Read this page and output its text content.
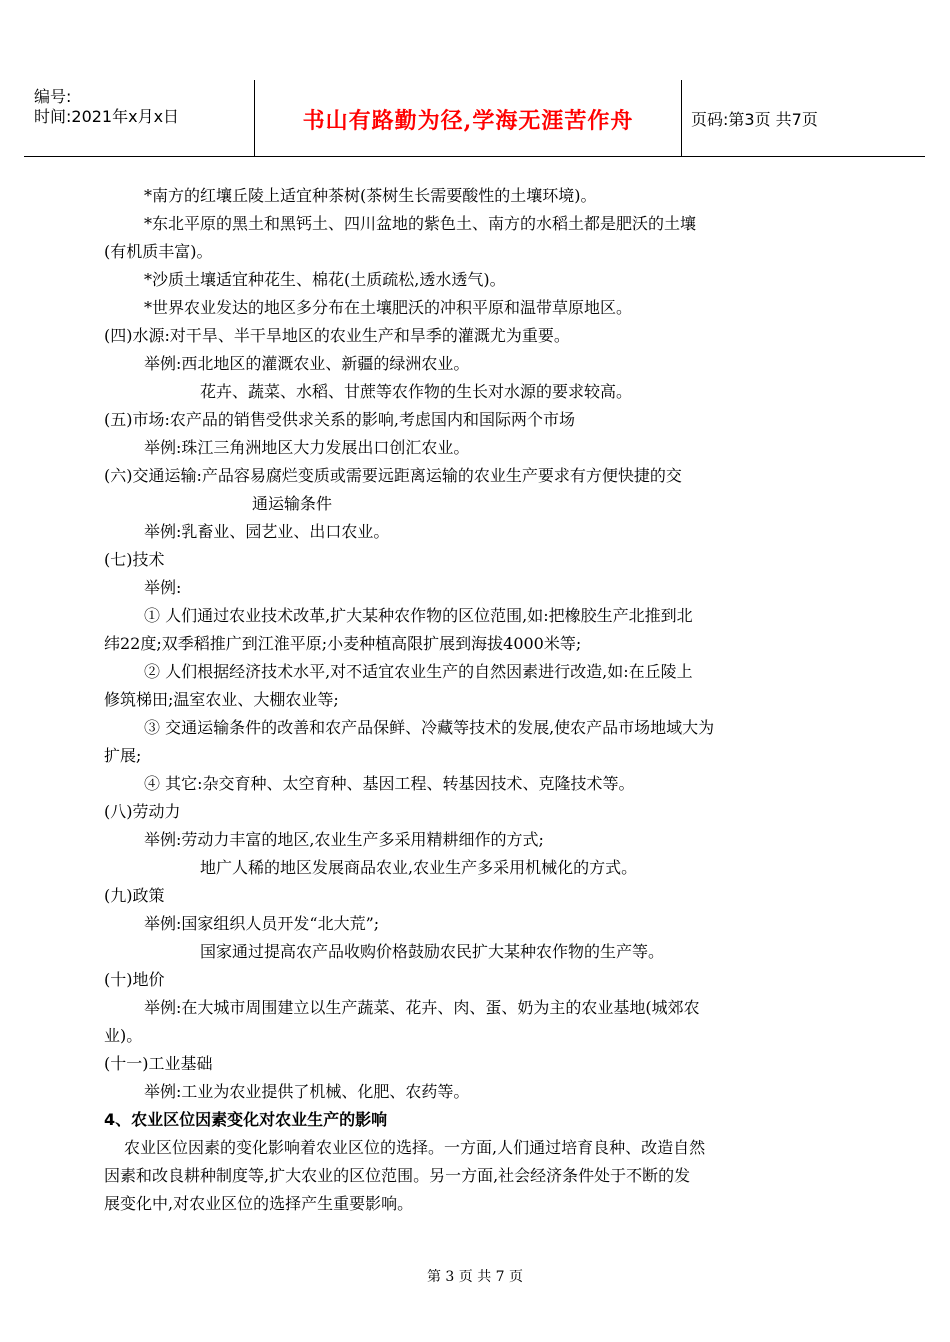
编号:
时间:2021年x月x日	书山有路勤为径,学海无涯苦作舟	页码:第3页 共7页
*南方的红壤丘陵上适宜种茶树(茶树生长需要酸性的土壤环境)。
*东北平原的黑土和黑钙土、四川盆地的紫色土、南方的水稻土都是肥沃的土壤
(有机质丰富)。
*沙质土壤适宜种花生、棉花(土质疏松,透水透气)。
*世界农业发达的地区多分布在土壤肥沃的冲积平原和温带草原地区。
(四)水源:对干旱、半干旱地区的农业生产和旱季的灌溉尤为重要。
举例:西北地区的灌溉农业、新疆的绿洲农业。
花卉、蔬菜、水稻、甘蔗等农作物的生长对水源的要求较高。
(五)市场:农产品的销售受供求关系的影响,考虑国内和国际两个市场
举例:珠江三角洲地区大力发展出口创汇农业。
(六)交通运输:产品容易腐烂变质或需要远距离运输的农业生产要求有方便快捷的交
通运输条件
举例:乳畜业、园艺业、出口农业。
(七)技术
举例:
① 人们通过农业技术改革,扩大某种农作物的区位范围,如:把橡胶生产北推到北
纬22度;双季稻推广到江淮平原;小麦种植高限扩展到海拔4000米等;
② 人们根据经济技术水平,对不适宜农业生产的自然因素进行改造,如:在丘陵上
修筑梯田;温室农业、大棚农业等;
③ 交通运输条件的改善和农产品保鲜、冷藏等技术的发展,使农产品市场地域大为
扩展;
④ 其它:杂交育种、太空育种、基因工程、转基因技术、克隆技术等。
(八)劳动力
举例:劳动力丰富的地区,农业生产多采用精耕细作的方式;
地广人稀的地区发展商品农业,农业生产多采用机械化的方式。
(九)政策
举例:国家组织人员开发“北大荒”;
国家通过提高农产品收购价格鼓励农民扩大某种农作物的生产等。
(十)地价
举例:在大城市周围建立以生产蔬菜、花卉、肉、蛋、奶为主的农业基地(城郊农
业)。
(十一)工业基础
举例:工业为农业提供了机械、化肥、农药等。
4、农业区位因素变化对农业生产的影响
农业区位因素的变化影响着农业区位的选择。一方面,人们通过培育良种、改造自然
因素和改良耕种制度等,扩大农业的区位范围。另一方面,社会经济条件处于不断的发
展变化中,对农业区位的选择产生重要影响。
第 3 页 共 7 页
